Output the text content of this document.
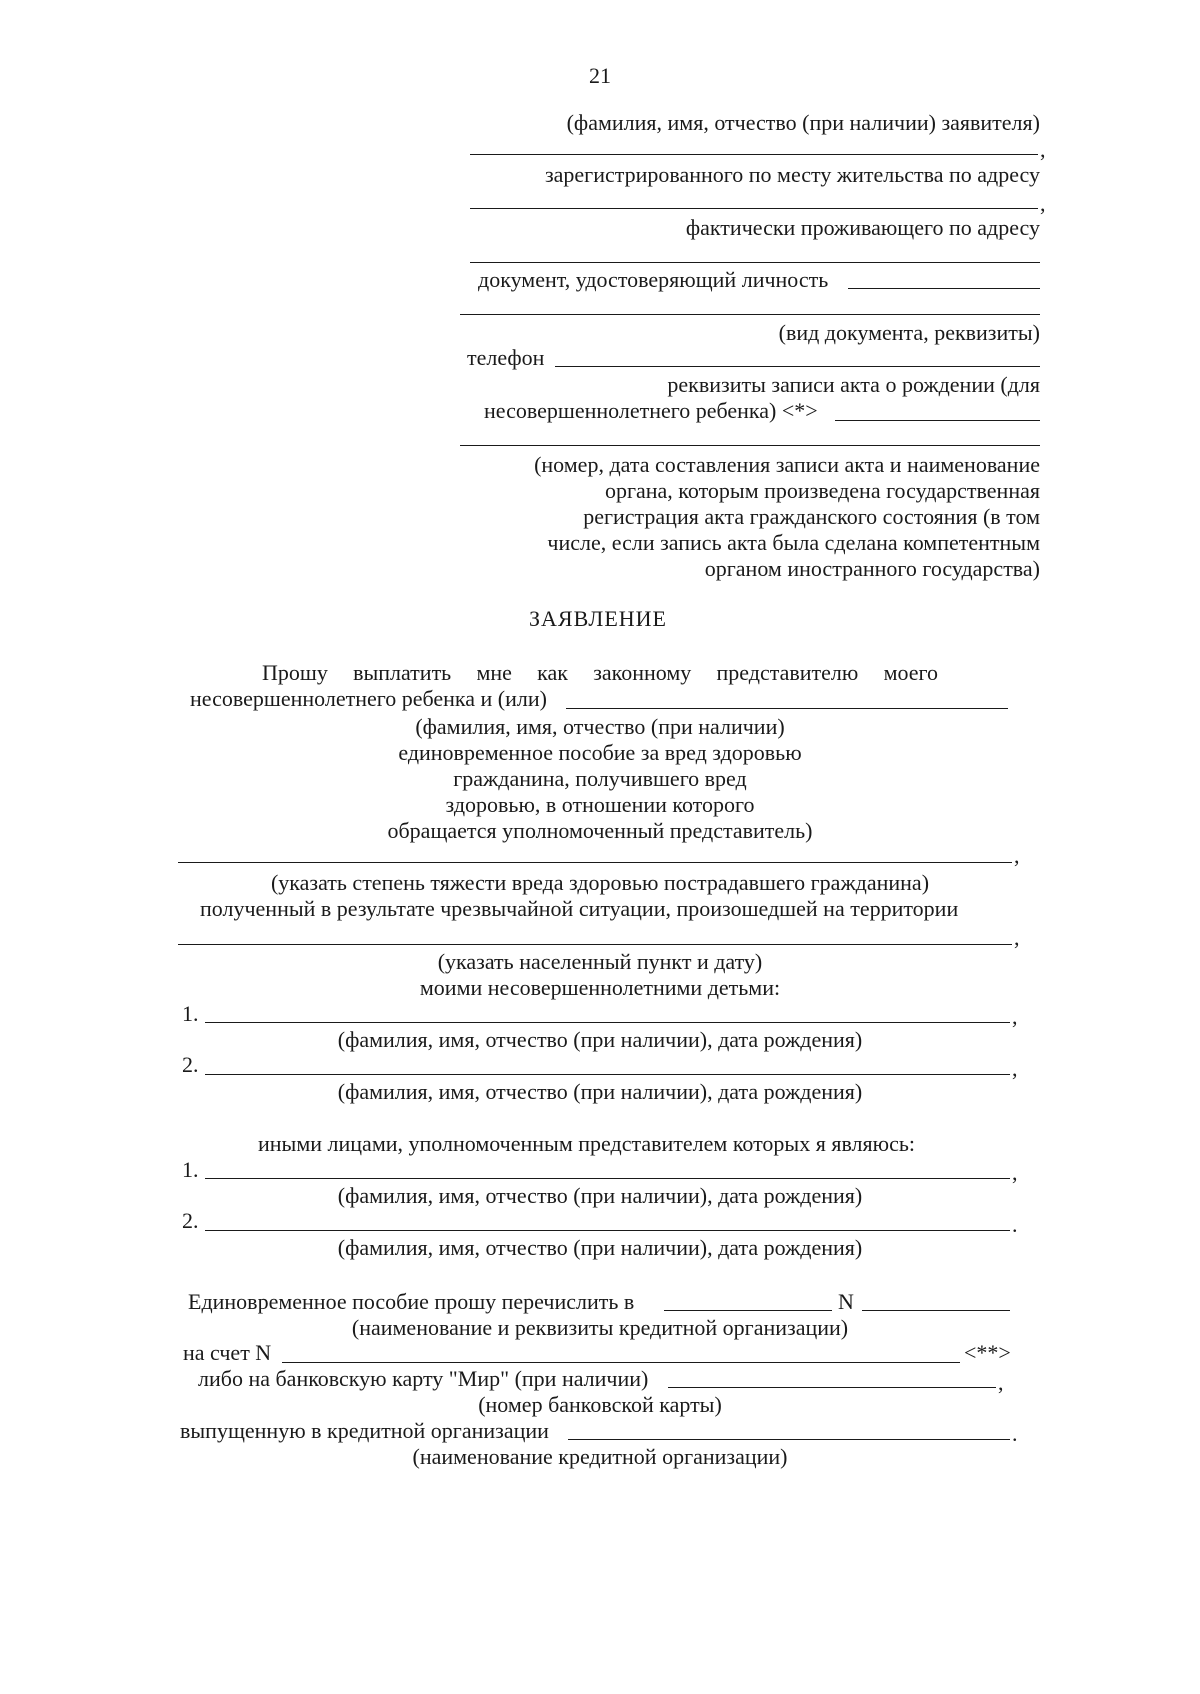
21
(фамилия, имя, отчество (при наличии) заявителя)
,
зарегистрированного по месту жительства по адресу
,
фактически проживающего по адресу
документ, удостоверяющий личность
(вид документа, реквизиты)
телефон
реквизиты записи акта о рождении (для
несовершеннолетнего ребенка) <*>
(номер, дата составления записи акта и наименование
органа, которым произведена государственная
регистрация акта гражданского состояния (в том
числе, если запись акта была сделана компетентным
органом иностранного государства)
ЗАЯВЛЕНИЕ
Прошу выплатить мне как законному представителю моего
несовершеннолетнего ребенка и (или)
(фамилия, имя, отчество (при наличии)
единовременное пособие за вред здоровью
гражданина, получившего вред
здоровью, в отношении которого
обращается уполномоченный представитель)
,
(указать степень тяжести вреда здоровью пострадавшего гражданина)
полученный в результате чрезвычайной ситуации, произошедшей на территории
,
(указать населенный пункт и дату)
моими несовершеннолетними детьми:
1.	,
(фамилия, имя, отчество (при наличии), дата рождения)
2.	,
(фамилия, имя, отчество (при наличии), дата рождения)
иными лицами, уполномоченным представителем которых я являюсь:
1.	,
(фамилия, имя, отчество (при наличии), дата рождения)
2.	.
(фамилия, имя, отчество (при наличии), дата рождения)
Единовременное пособие прошу перечислить в	N
(наименование и реквизиты кредитной организации)
на счет N	<**>
либо на банковскую карту "Мир" (при наличии)	,
(номер банковской карты)
выпущенную в кредитной организации	.
(наименование кредитной организации)
